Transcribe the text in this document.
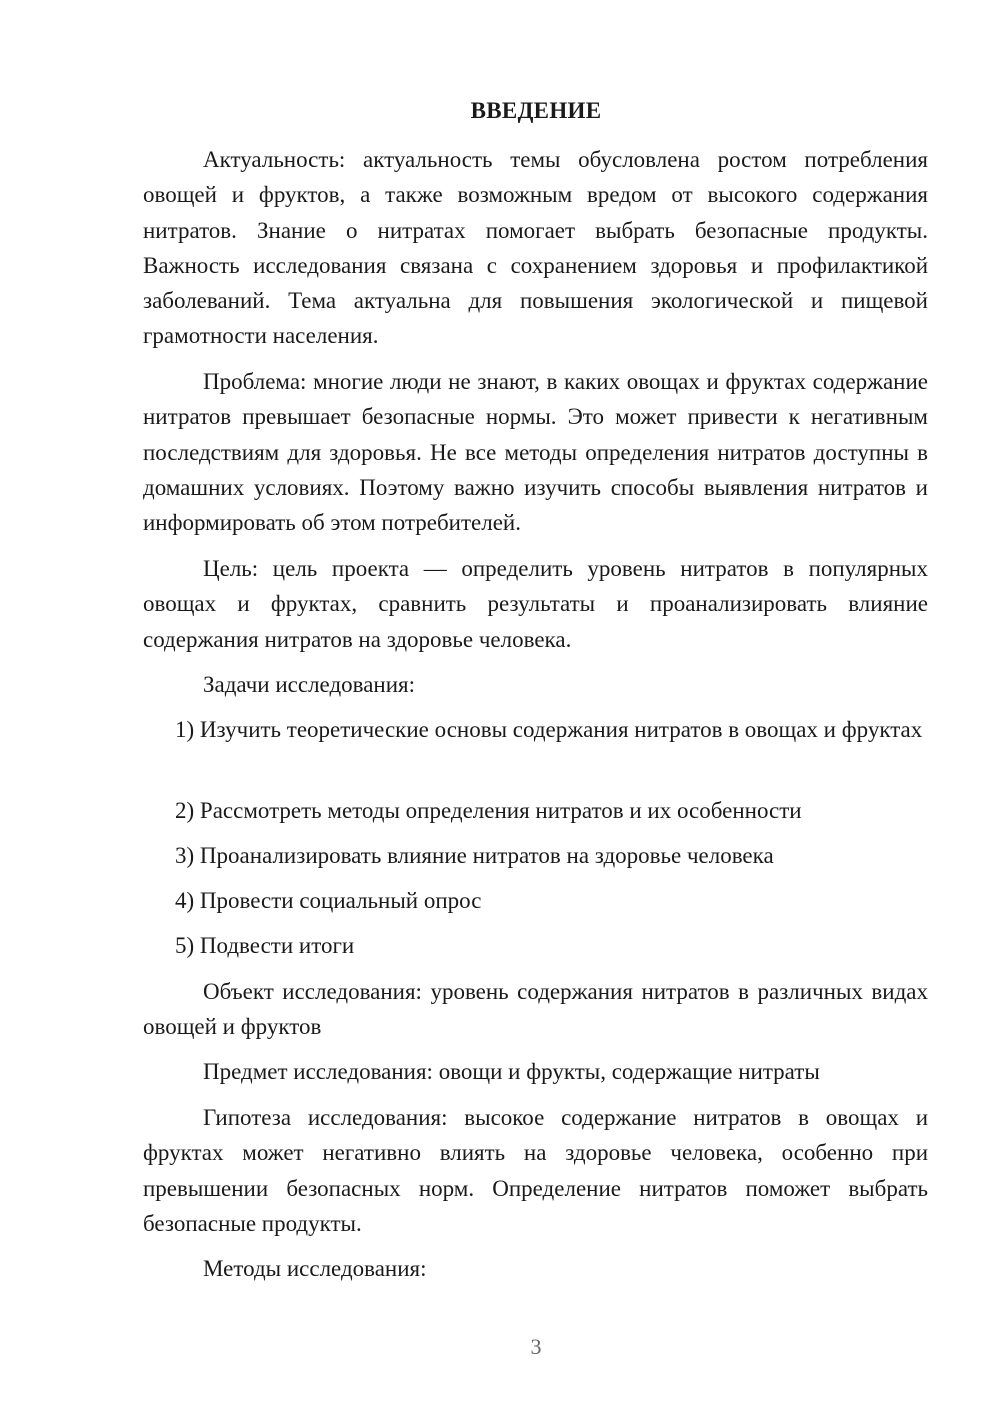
ВВЕДЕНИЕ

Актуальность: актуальность темы обусловлена ростом потребления овощей и фруктов, а также возможным вредом от высокого содержания нитратов. Знание о нитратах помогает выбрать безопасные продукты. Важность исследования связана с сохранением здоровья и профилактикой заболеваний. Тема актуальна для повышения экологической и пищевой грамотности населения.

Проблема: многие люди не знают, в каких овощах и фруктах содержание нитратов превышает безопасные нормы. Это может привести к негативным последствиям для здоровья. Не все методы определения нитратов доступны в домашних условиях. Поэтому важно изучить способы выявления нитратов и информировать об этом потребителей.

Цель: цель проекта — определить уровень нитратов в популярных овощах и фруктах, сравнить результаты и проанализировать влияние содержания нитратов на здоровье человека.

Задачи исследования:

1) Изучить теоретические основы содержания нитратов в овощах и фруктах

2) Рассмотреть методы определения нитратов и их особенности

3) Проанализировать влияние нитратов на здоровье человека

4) Провести социальный опрос

5) Подвести итоги

Объект исследования: уровень содержания нитратов в различных видах овощей и фруктов

Предмет исследования: овощи и фрукты, содержащие нитраты

Гипотеза исследования: высокое содержание нитратов в овощах и фруктах может негативно влиять на здоровье человека, особенно при превышении безопасных норм. Определение нитратов поможет выбрать безопасные продукты.

Методы исследования:

3
